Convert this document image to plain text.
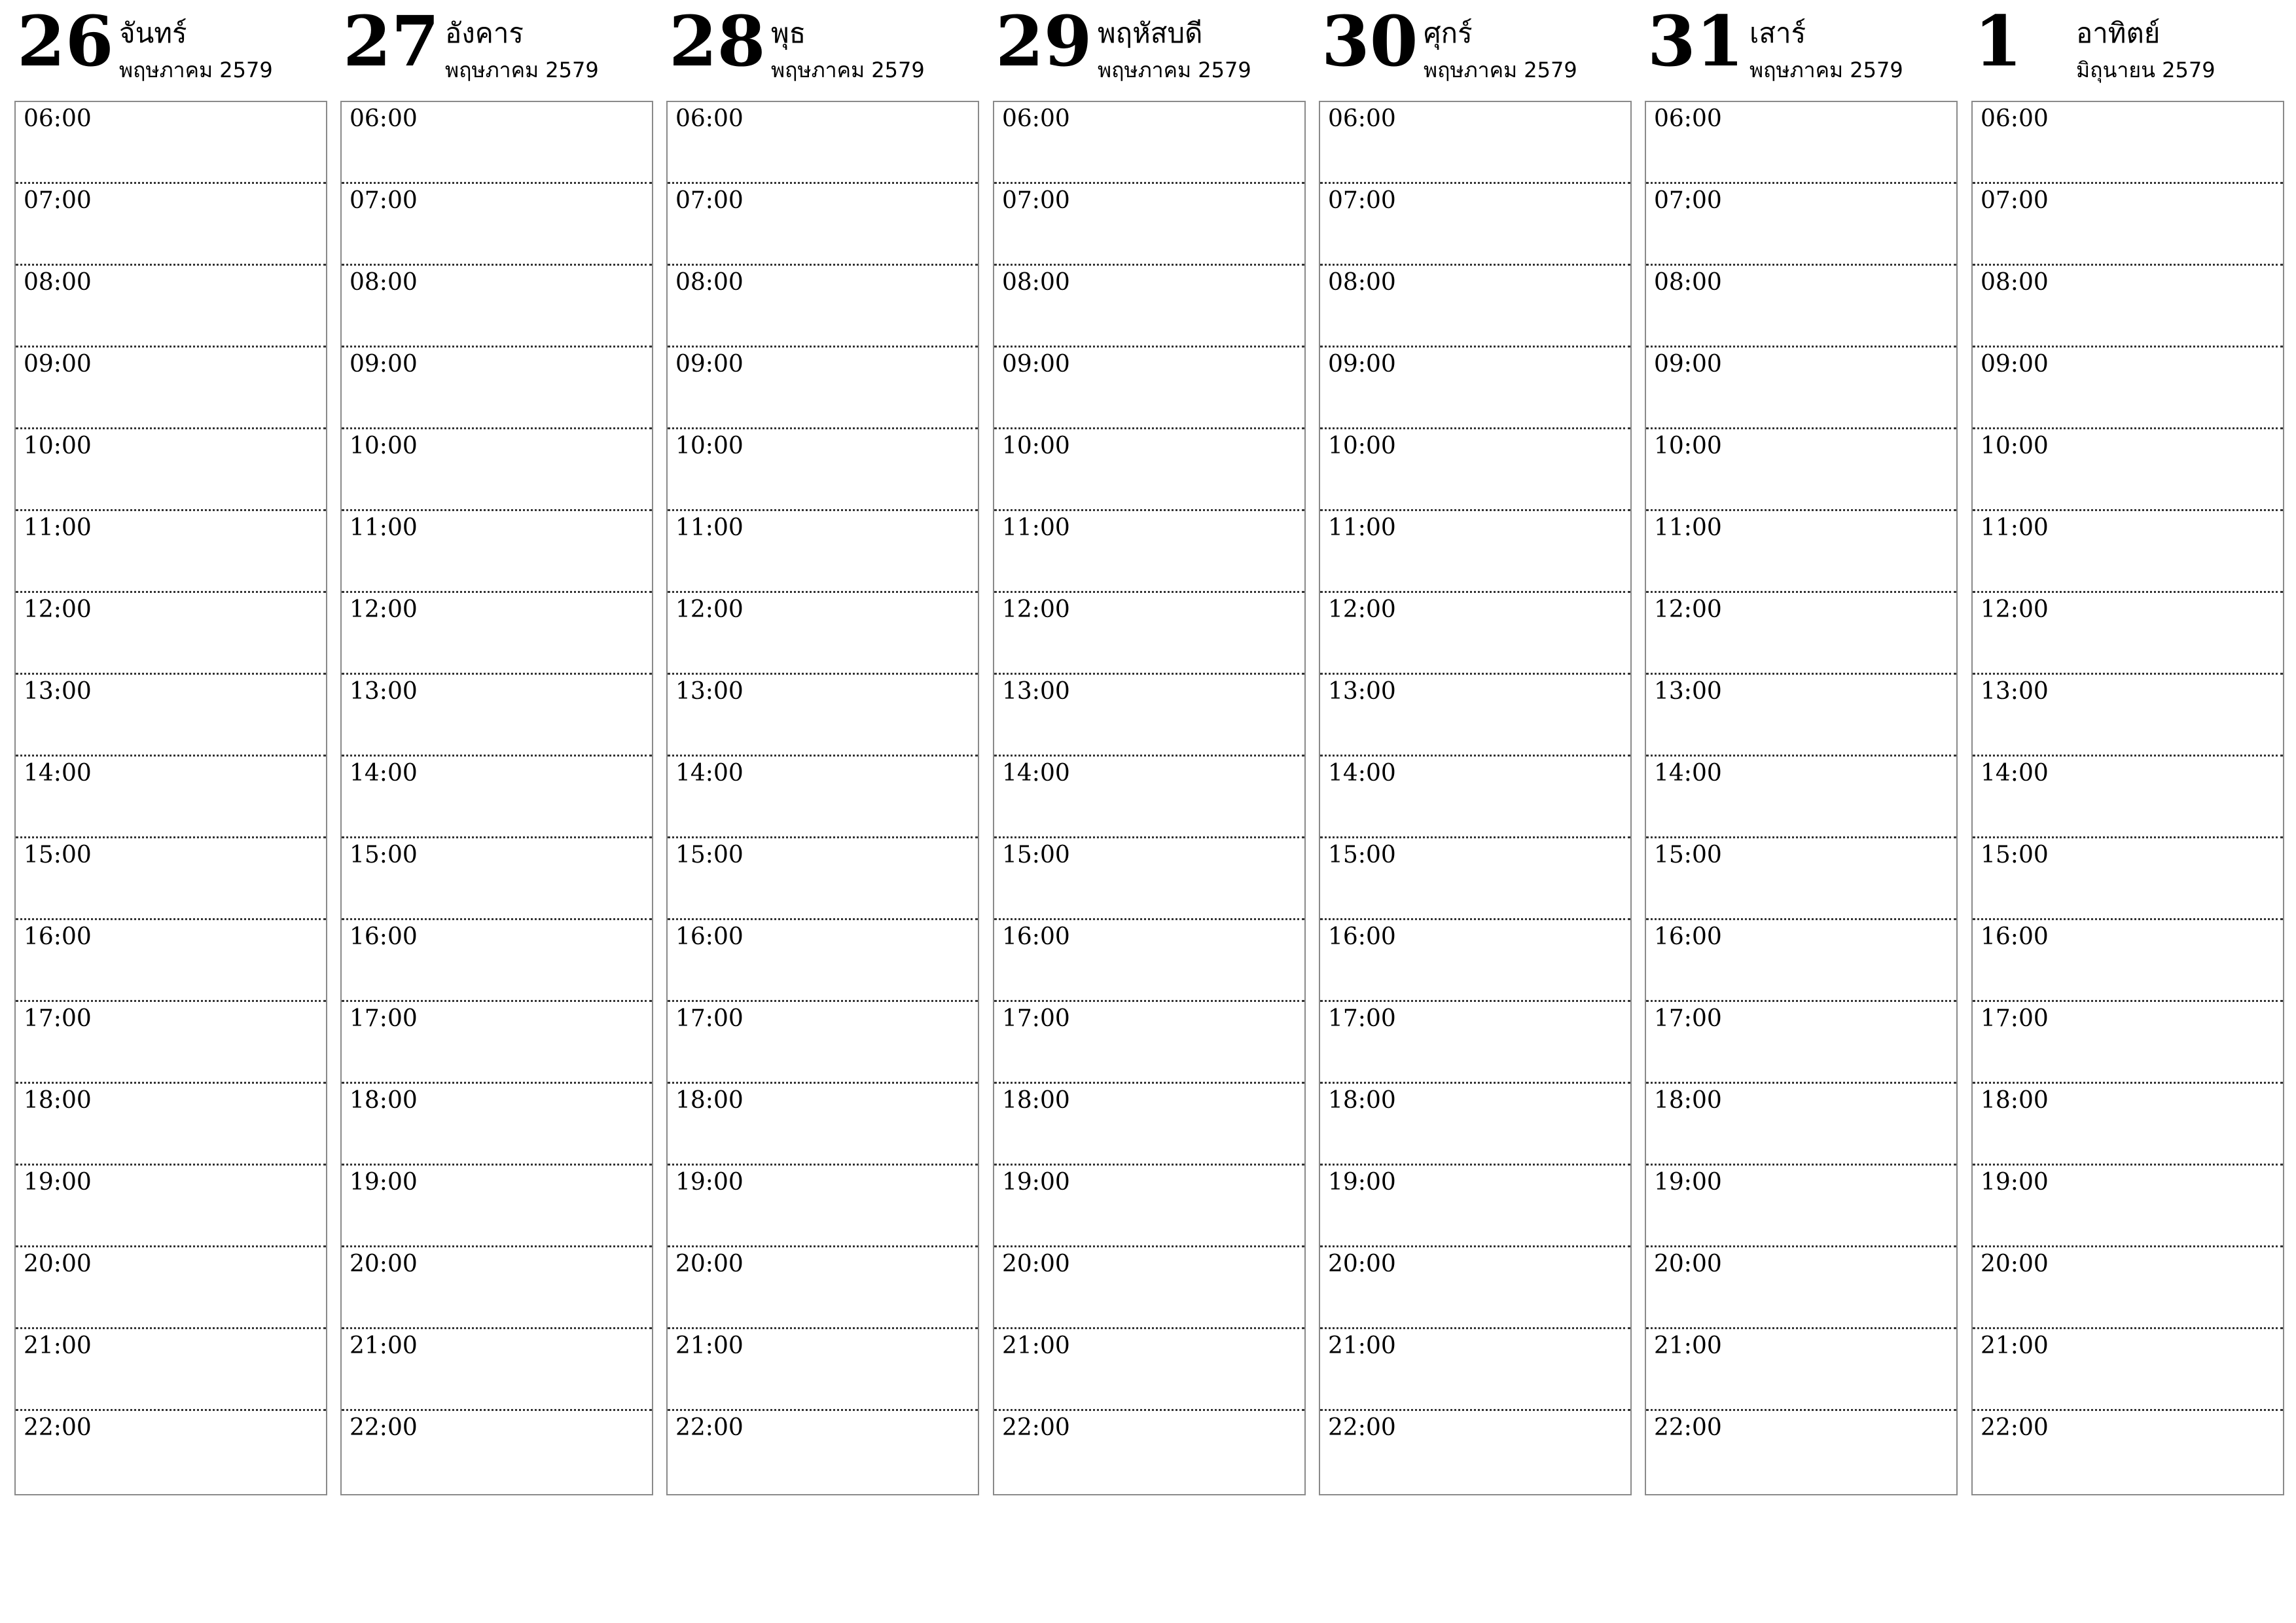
26 จันทร์
พฤษภาคม 2579
06:00
07:00
08:00
09:00
10:00
11:00
12:00
13:00
14:00
15:00
16:00
17:00
18:00
19:00
20:00
21:00
22:00
27 อังคาร
พฤษภาคม 2579
06:00
07:00
08:00
09:00
10:00
11:00
12:00
13:00
14:00
15:00
16:00
17:00
18:00
19:00
20:00
21:00
22:00
28 พุธ
พฤษภาคม 2579
06:00
07:00
08:00
09:00
10:00
11:00
12:00
13:00
14:00
15:00
16:00
17:00
18:00
19:00
20:00
21:00
22:00
29 พฤหัสบดี
พฤษภาคม 2579
06:00
07:00
08:00
09:00
10:00
11:00
12:00
13:00
14:00
15:00
16:00
17:00
18:00
19:00
20:00
21:00
22:00
30 ศุกร์
พฤษภาคม 2579
06:00
07:00
08:00
09:00
10:00
11:00
12:00
13:00
14:00
15:00
16:00
17:00
18:00
19:00
20:00
21:00
22:00
31 เสาร์
พฤษภาคม 2579
06:00
07:00
08:00
09:00
10:00
11:00
12:00
13:00
14:00
15:00
16:00
17:00
18:00
19:00
20:00
21:00
22:00
1 อาทิตย์
มิถุนายน 2579
06:00
07:00
08:00
09:00
10:00
11:00
12:00
13:00
14:00
15:00
16:00
17:00
18:00
19:00
20:00
21:00
22:00
